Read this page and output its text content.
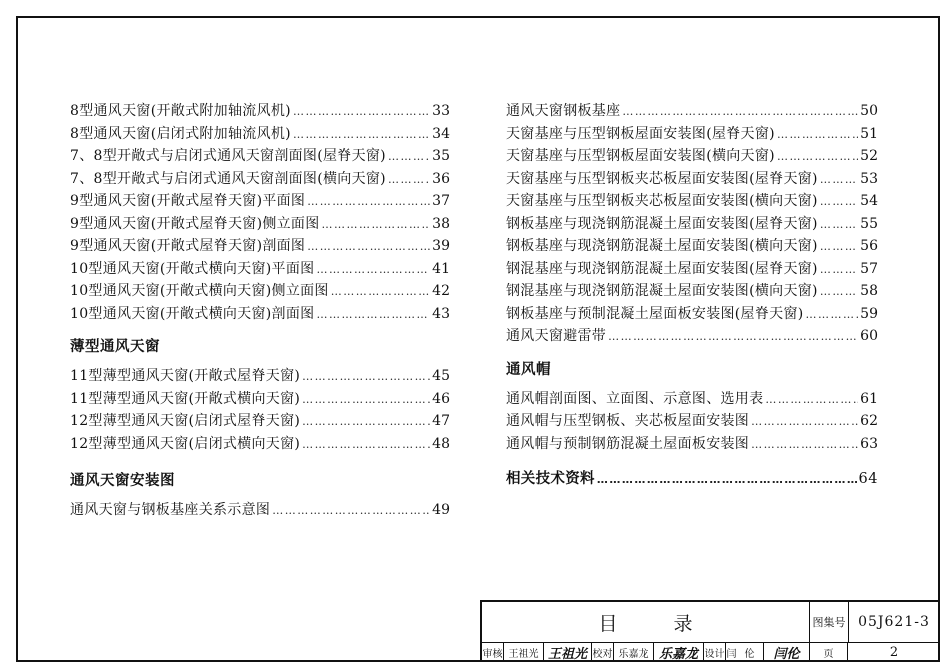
8型通风天窗(开敞式附加轴流风机) ……………………………………………………………………………………………………………………	33
8型通风天窗(启闭式附加轴流风机) ……………………………………………………………………………………………………………………	34
7、8型开敞式与启闭式通风天窗剖面图(屋脊天窗) ……………………………………………………………………………………………………………………	35
7、8型开敞式与启闭式通风天窗剖面图(横向天窗) ……………………………………………………………………………………………………………………	36
9型通风天窗(开敞式屋脊天窗)平面图 ……………………………………………………………………………………………………………………	37
9型通风天窗(开敞式屋脊天窗)侧立面图 ……………………………………………………………………………………………………………………	38
9型通风天窗(开敞式屋脊天窗)剖面图 ……………………………………………………………………………………………………………………	39
10型通风天窗(开敞式横向天窗)平面图 ……………………………………………………………………………………………………………………	41
10型通风天窗(开敞式横向天窗)侧立面图 ……………………………………………………………………………………………………………………	42
10型通风天窗(开敞式横向天窗)剖面图 ……………………………………………………………………………………………………………………	43
薄型通风天窗
11型薄型通风天窗(开敞式屋脊天窗) ……………………………………………………………………………………………………………………	45
11型薄型通风天窗(开敞式横向天窗) ……………………………………………………………………………………………………………………	46
12型薄型通风天窗(启闭式屋脊天窗) ……………………………………………………………………………………………………………………	47
12型薄型通风天窗(启闭式横向天窗) ……………………………………………………………………………………………………………………	48
通风天窗安装图
通风天窗与钢板基座关系示意图 ……………………………………………………………………………………………………………………	49
通风天窗钢板基座 ……………………………………………………………………………………………………………………	50
天窗基座与压型钢板屋面安装图(屋脊天窗) ……………………………………………………………………………………………………………………	51
天窗基座与压型钢板屋面安装图(横向天窗) ……………………………………………………………………………………………………………………	52
天窗基座与压型钢板夹芯板屋面安装图(屋脊天窗) ……………………………………………………………………………………………………………………	53
天窗基座与压型钢板夹芯板屋面安装图(横向天窗) ……………………………………………………………………………………………………………………	54
钢板基座与现浇钢筋混凝土屋面安装图(屋脊天窗) ……………………………………………………………………………………………………………………	55
钢板基座与现浇钢筋混凝土屋面安装图(横向天窗) ……………………………………………………………………………………………………………………	56
钢混基座与现浇钢筋混凝土屋面安装图(屋脊天窗) ……………………………………………………………………………………………………………………	57
钢混基座与现浇钢筋混凝土屋面安装图(横向天窗) ……………………………………………………………………………………………………………………	58
钢板基座与预制混凝土屋面板安装图(屋脊天窗) ……………………………………………………………………………………………………………………	59
通风天窗避雷带 ……………………………………………………………………………………………………………………	60
通风帽
通风帽剖面图、立面图、示意图、选用表 ……………………………………………………………………………………………………………………	61
通风帽与压型钢板、夹芯板屋面安装图 ……………………………………………………………………………………………………………………	62
通风帽与预制钢筋混凝土屋面板安装图 ……………………………………………………………………………………………………………………	63
相关技术资料 ……………………………………………………………………………………………………………………	64
目录	图集号 05J621-3
审核 王祖光 王祖光 校对 乐嘉龙 乐嘉龙 设计 闫伦 闫伦	页	2
